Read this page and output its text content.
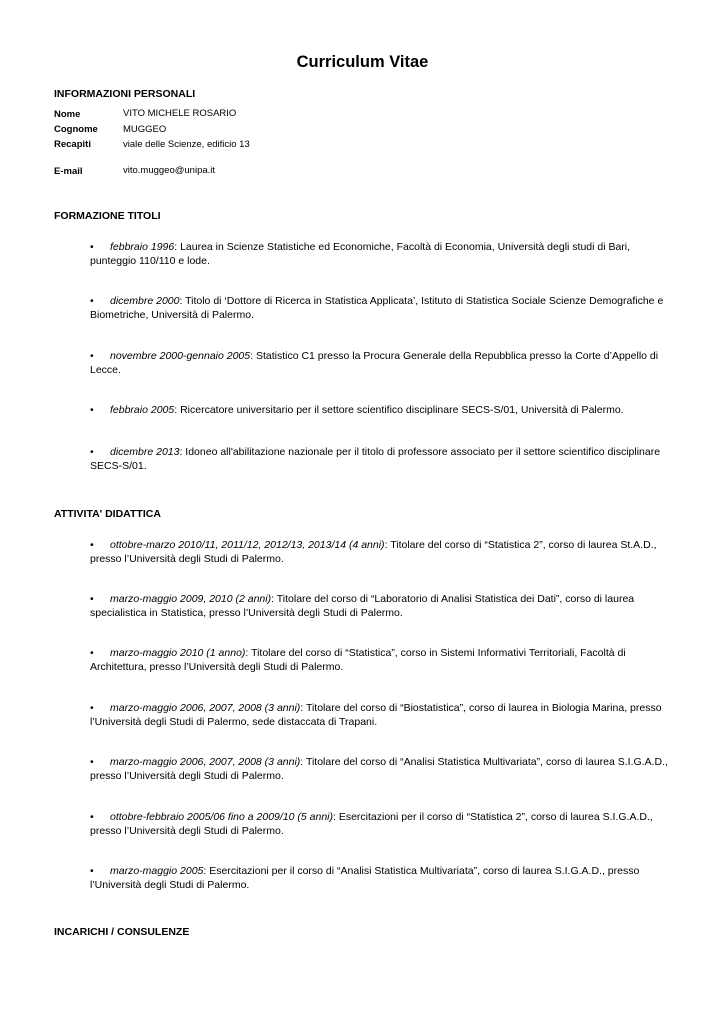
Curriculum Vitae
INFORMAZIONI PERSONALI
Nome	VITO MICHELE ROSARIO
Cognome	MUGGEO
Recapiti	viale delle Scienze, edificio 13
E-mail	vito.muggeo@unipa.it
FORMAZIONE TITOLI
• febbraio 1996: Laurea in Scienze Statistiche ed Economiche, Facoltà di Economia, Università degli studi di Bari, punteggio 110/110 e lode.
• dicembre 2000: Titolo di ‘Dottore di Ricerca in Statistica Applicata’, Istituto di Statistica Sociale Scienze Demografiche e Biometriche, Università di Palermo.
• novembre 2000-gennaio 2005: Statistico C1 presso la Procura Generale della Repubblica presso la Corte d’Appello di Lecce.
• febbraio 2005: Ricercatore universitario per il settore scientifico disciplinare SECS-S/01, Università di Palermo.
• dicembre 2013: Idoneo all'abilitazione nazionale per il titolo di professore associato per il settore scientifico disciplinare SECS-S/01.
ATTIVITA' DIDATTICA
• ottobre-marzo 2010/11, 2011/12, 2012/13, 2013/14 (4 anni): Titolare del corso di “Statistica 2”, corso di laurea St.A.D., presso l’Università degli Studi di Palermo.
• marzo-maggio 2009, 2010 (2 anni): Titolare del corso di “Laboratorio di Analisi Statistica dei Dati”, corso di laurea specialistica in Statistica, presso l’Università degli Studi di Palermo.
• marzo-maggio 2010 (1 anno): Titolare del corso di “Statistica”, corso in Sistemi Informativi Territoriali, Facoltà di Architettura, presso l’Università degli Studi di Palermo.
• marzo-maggio 2006, 2007, 2008 (3 anni): Titolare del corso di “Biostatistica”, corso di laurea in Biologia Marina, presso l’Università degli Studi di Palermo, sede distaccata di Trapani.
• marzo-maggio 2006, 2007, 2008 (3 anni): Titolare del corso di “Analisi Statistica Multivariata”, corso di laurea S.I.G.A.D., presso l’Università degli Studi di Palermo.
• ottobre-febbraio 2005/06 fino a 2009/10 (5 anni): Esercitazioni per il corso di “Statistica 2”, corso di laurea S.I.G.A.D., presso l’Università degli Studi di Palermo.
• marzo-maggio 2005: Esercitazioni per il corso di “Analisi Statistica Multivariata”, corso di laurea S.I.G.A.D., presso l’Università degli Studi di Palermo.
INCARICHI / CONSULENZE
